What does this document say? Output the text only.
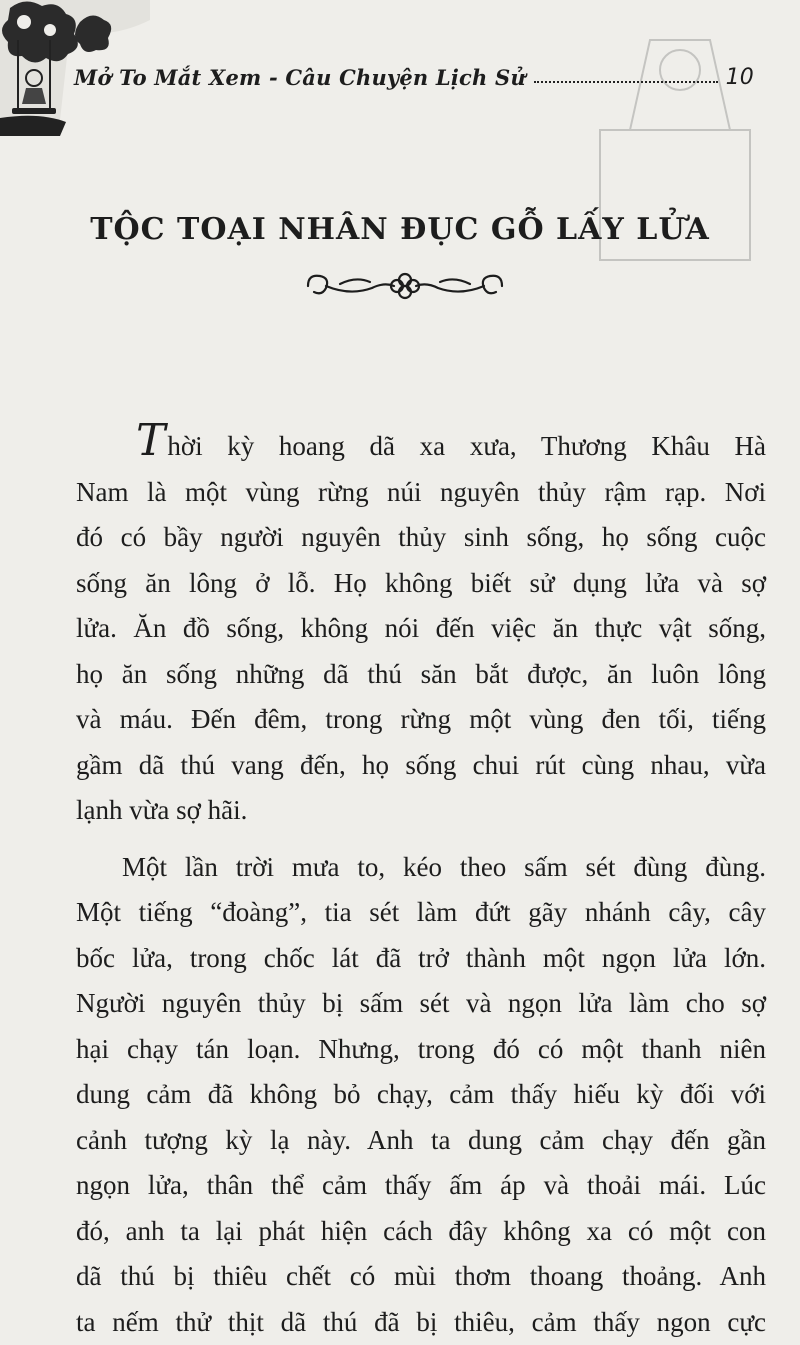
Mở To Mắt Xem - Câu Chuyện Lịch Sử	10
TỘC TOẠI NHÂN ĐỤC GỖ LẤY LỬA

Thời kỳ hoang dã xa xưa, Thương Khâu Hà

Nam là một vùng rừng núi nguyên thủy rậm rạp. Nơi

đó có bầy người nguyên thủy sinh sống, họ sống cuộc

sống ăn lông ở lỗ. Họ không biết sử dụng lửa và sợ

lửa. Ăn đồ sống, không nói đến việc ăn thực vật sống,

họ ăn sống những dã thú săn bắt được, ăn luôn lông

và máu. Đến đêm, trong rừng một vùng đen tối, tiếng

gầm dã thú vang đến, họ sống chui rút cùng nhau, vừa

lạnh vừa sợ hãi.

Một lần trời mưa to, kéo theo sấm sét đùng đùng.

Một tiếng “đoàng”, tia sét làm đứt gãy nhánh cây, cây

bốc lửa, trong chốc lát đã trở thành một ngọn lửa lớn.

Người nguyên thủy bị sấm sét và ngọn lửa làm cho sợ

hại chạy tán loạn. Nhưng, trong đó có một thanh niên

dung cảm đã không bỏ chạy, cảm thấy hiếu kỳ đối với

cảnh tượng kỳ lạ này. Anh ta dung cảm chạy đến gần

ngọn lửa, thân thể cảm thấy ấm áp và thoải mái. Lúc

đó, anh ta lại phát hiện cách đây không xa có một con

dã thú bị thiêu chết có mùi thơm thoang thoảng. Anh

ta nếm thử thịt dã thú đã bị thiêu, cảm thấy ngon cực
